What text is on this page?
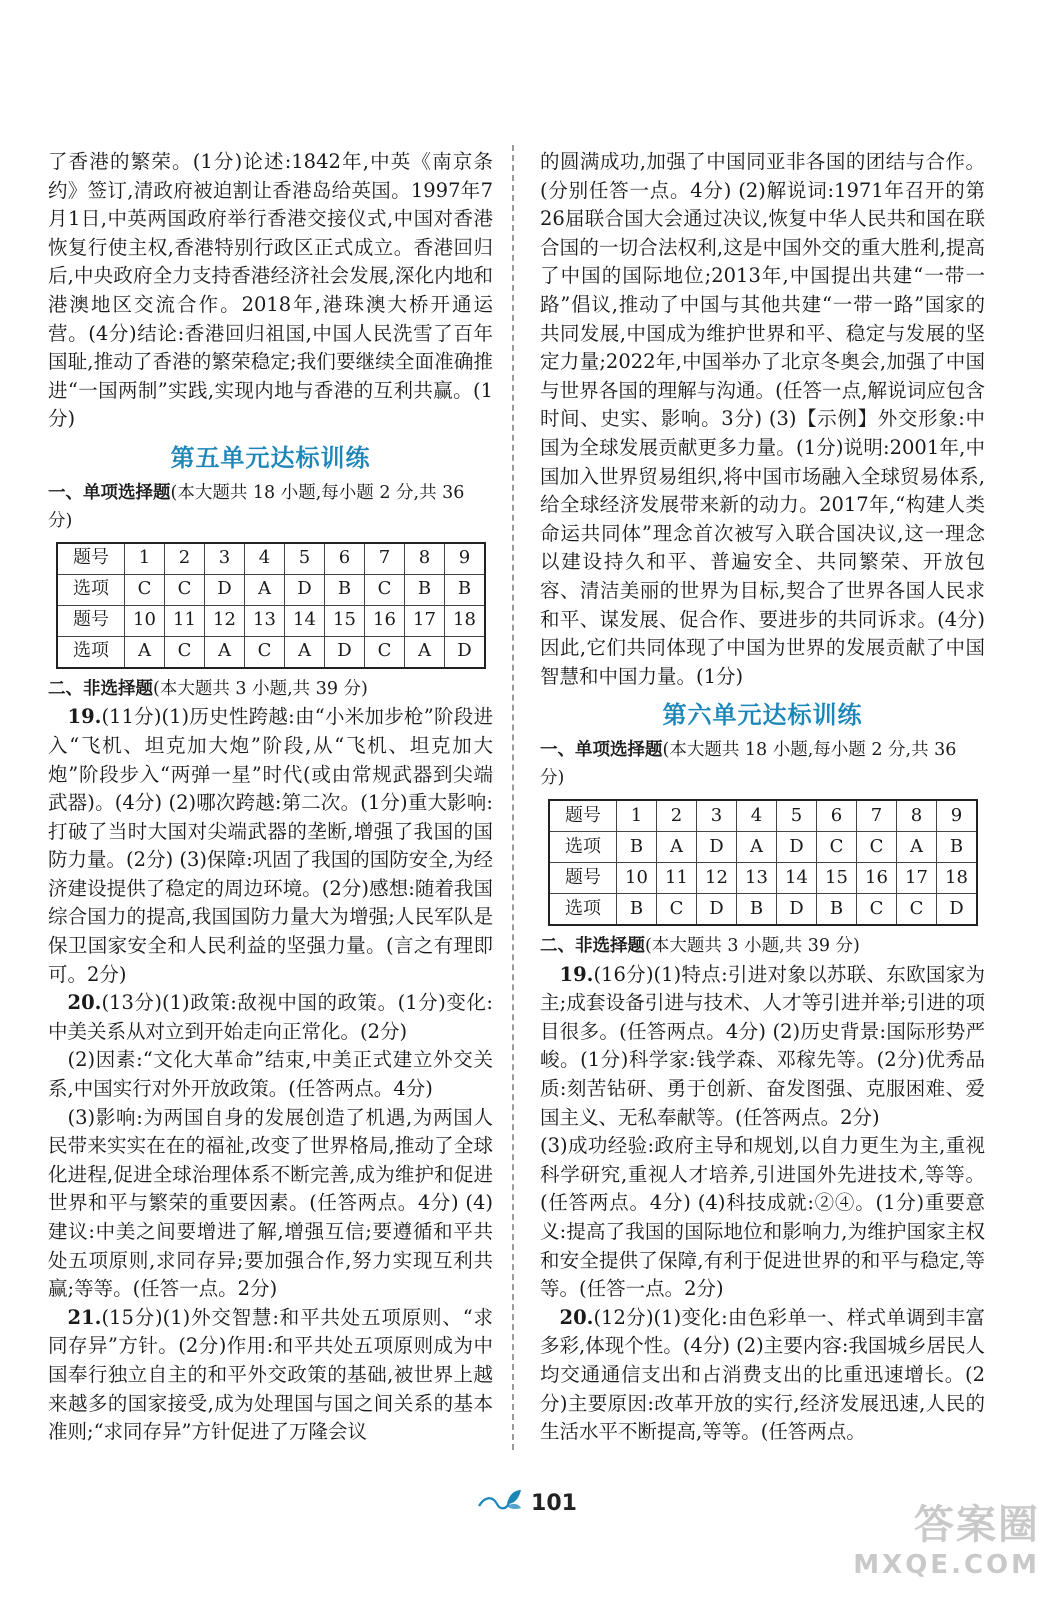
了香港的繁荣。(1分)论述:1842年,中英《南京条约》签订,清政府被迫割让香港岛给英国。1997年7月1日,中英两国政府举行香港交接仪式,中国对香港恢复行使主权,香港特别行政区正式成立。香港回归后,中央政府全力支持香港经济社会发展,深化内地和港澳地区交流合作。2018年,港珠澳大桥开通运营。(4分)结论:香港回归祖国,中国人民洗雪了百年国耻,推动了香港的繁荣稳定;我们要继续全面准确推进“一国两制”实践,实现内地与香港的互利共赢。(1分)

第五单元达标训练

一、单项选择题(本大题共 18 小题,每小题 2 分,共 36 分)

题号	1	2	3	4	5	6	7	8	9
选项	C	C	D	A	D	B	C	B	B
题号	10	11	12	13	14	15	16	17	18
选项	A	C	A	C	A	D	C	A	D

二、非选择题(本大题共 3 小题,共 39 分)

19.(11分)(1)历史性跨越:由“小米加步枪”阶段进入“飞机、坦克加大炮”阶段,从“飞机、坦克加大炮”阶段步入“两弹一星”时代(或由常规武器到尖端武器)。(4分) (2)哪次跨越:第二次。(1分)重大影响:打破了当时大国对尖端武器的垄断,增强了我国的国防力量。(2分) (3)保障:巩固了我国的国防安全,为经济建设提供了稳定的周边环境。(2分)感想:随着我国综合国力的提高,我国国防力量大为增强;人民军队是保卫国家安全和人民利益的坚强力量。(言之有理即可。2分)

20.(13分)(1)政策:敌视中国的政策。(1分)变化:中美关系从对立到开始走向正常化。(2分)

(2)因素:“文化大革命”结束,中美正式建立外交关系,中国实行对外开放政策。(任答两点。4分)

(3)影响:为两国自身的发展创造了机遇,为两国人民带来实实在在的福祉,改变了世界格局,推动了全球化进程,促进全球治理体系不断完善,成为维护和促进世界和平与繁荣的重要因素。(任答两点。4分) (4)建议:中美之间要增进了解,增强互信;要遵循和平共处五项原则,求同存异;要加强合作,努力实现互利共赢;等等。(任答一点。2分)

21.(15分)(1)外交智慧:和平共处五项原则、“求同存异”方针。(2分)作用:和平共处五项原则成为中国奉行独立自主的和平外交政策的基础,被世界上越来越多的国家接受,成为处理国与国之间关系的基本准则;“求同存异”方针促进了万隆会议

的圆满成功,加强了中国同亚非各国的团结与合作。(分别任答一点。4分) (2)解说词:1971年召开的第26届联合国大会通过决议,恢复中华人民共和国在联合国的一切合法权利,这是中国外交的重大胜利,提高了中国的国际地位;2013年,中国提出共建“一带一路”倡议,推动了中国与其他共建“一带一路”国家的共同发展,中国成为维护世界和平、稳定与发展的坚定力量;2022年,中国举办了北京冬奥会,加强了中国与世界各国的理解与沟通。(任答一点,解说词应包含时间、史实、影响。3分) (3)【示例】外交形象:中国为全球发展贡献更多力量。(1分)说明:2001年,中国加入世界贸易组织,将中国市场融入全球贸易体系,给全球经济发展带来新的动力。2017年,“构建人类命运共同体”理念首次被写入联合国决议,这一理念以建设持久和平、普遍安全、共同繁荣、开放包容、清洁美丽的世界为目标,契合了世界各国人民求和平、谋发展、促合作、要进步的共同诉求。(4分)因此,它们共同体现了中国为世界的发展贡献了中国智慧和中国力量。(1分)

第六单元达标训练

一、单项选择题(本大题共 18 小题,每小题 2 分,共 36 分)

题号	1	2	3	4	5	6	7	8	9
选项	B	A	D	A	D	C	C	A	B
题号	10	11	12	13	14	15	16	17	18
选项	B	C	D	B	D	B	C	C	D

二、非选择题(本大题共 3 小题,共 39 分)

19.(16分)(1)特点:引进对象以苏联、东欧国家为主;成套设备引进与技术、人才等引进并举;引进的项目很多。(任答两点。4分) (2)历史背景:国际形势严峻。(1分)科学家:钱学森、邓稼先等。(2分)优秀品质:刻苦钻研、勇于创新、奋发图强、克服困难、爱国主义、无私奉献等。(任答两点。2分)

(3)成功经验:政府主导和规划,以自力更生为主,重视科学研究,重视人才培养,引进国外先进技术,等等。(任答两点。4分) (4)科技成就:②④。(1分)重要意义:提高了我国的国际地位和影响力,为维护国家主权和安全提供了保障,有利于促进世界的和平与稳定,等等。(任答一点。2分)

20.(12分)(1)变化:由色彩单一、样式单调到丰富多彩,体现个性。(4分) (2)主要内容:我国城乡居民人均交通通信支出和占消费支出的比重迅速增长。(2分)主要原因:改革开放的实行,经济发展迅速,人民的生活水平不断提高,等等。(任答两点。

101	答案圈
MXQE.COM
